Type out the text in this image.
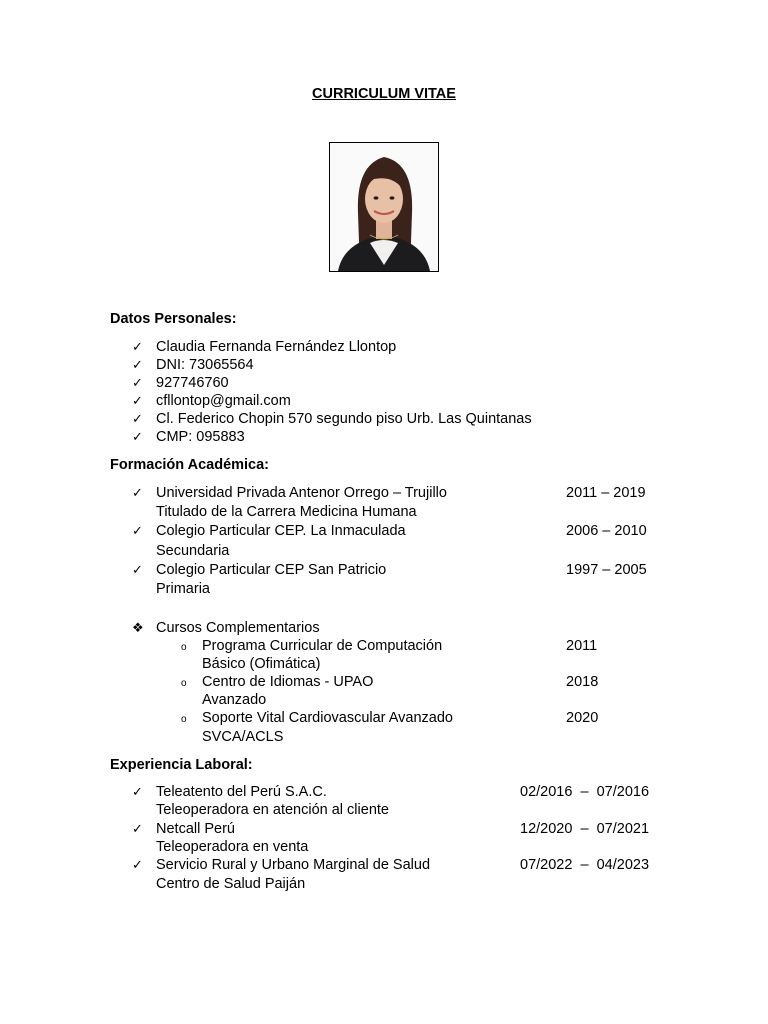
CURRICULUM VITAE
Datos Personales:
✓ Claudia Fernanda Fernández Llontop
✓ DNI: 73065564
✓ 927746760
✓ cfllontop@gmail.com
✓ Cl. Federico Chopin 570 segundo piso Urb. Las Quintanas
✓ CMP: 095883
Formación Académica:
✓ Universidad Privada Antenor Orrego – Trujillo	2011 – 2019
Titulado de la Carrera Medicina Humana
✓ Colegio Particular CEP. La Inmaculada	2006 – 2010
Secundaria
✓ Colegio Particular CEP San Patricio	1997 – 2005
Primaria
❖ Cursos Complementarios
o Programa Curricular de Computación	2011
Básico (Ofimática)
o Centro de Idiomas - UPAO	2018
Avanzado
o Soporte Vital Cardiovascular Avanzado	2020
SVCA/ACLS
Experiencia Laboral:
✓ Teleatento del Perú S.A.C.	02/2016  –  07/2016
Teleoperadora en atención al cliente
✓ Netcall Perú	12/2020  –  07/2021
Teleoperadora en venta
✓ Servicio Rural y Urbano Marginal de Salud	07/2022  –  04/2023
Centro de Salud Paiján
